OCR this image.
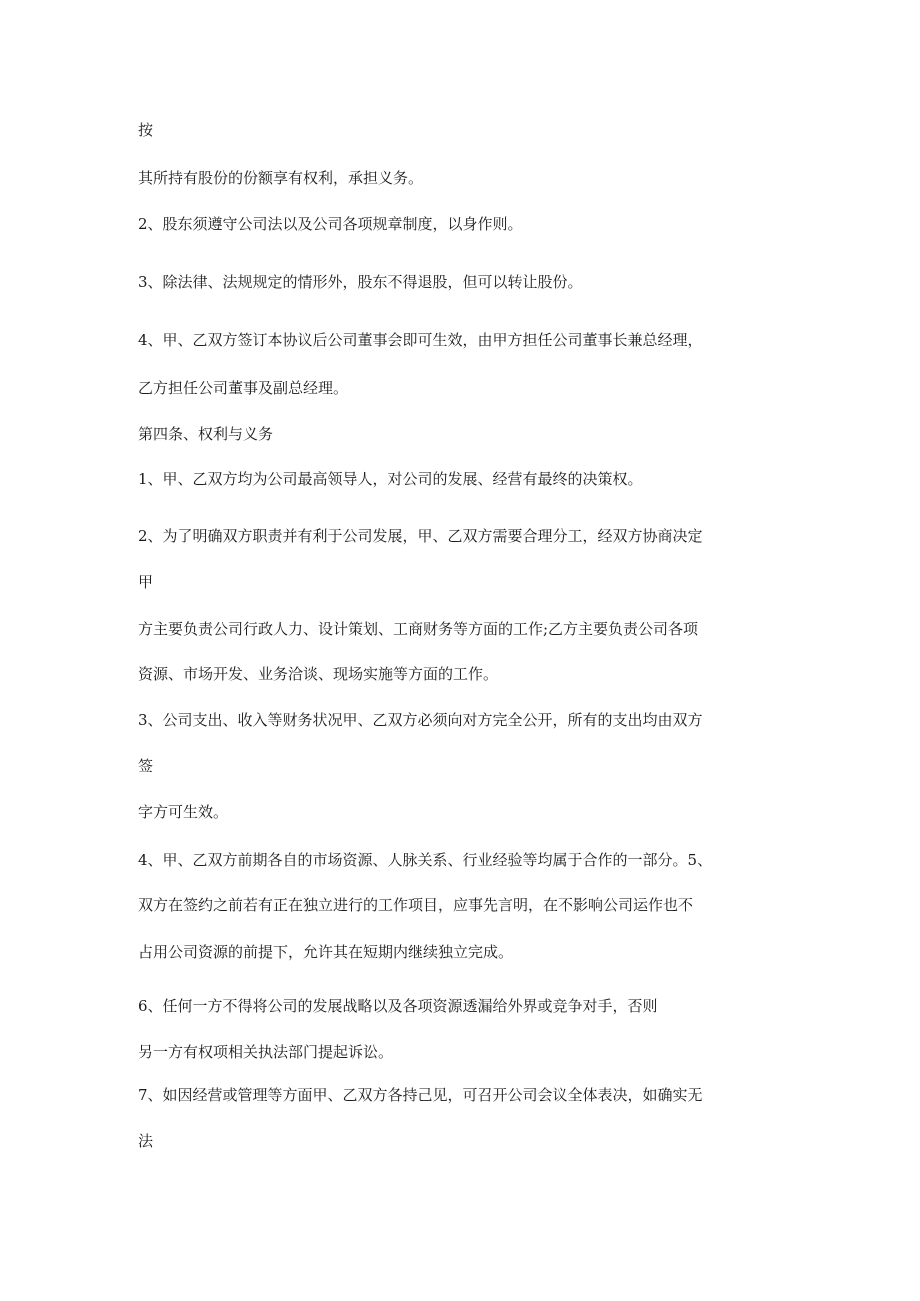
按

其所持有股份的份额享有权利，承担义务。

2、股东须遵守公司法以及公司各项规章制度，以身作则。

3、除法律、法规规定的情形外，股东不得退股，但可以转让股份。

4、甲、乙双方签订本协议后公司董事会即可生效，由甲方担任公司董事长兼总经理，

乙方担任公司董事及副总经理。

第四条、权利与义务

1、甲、乙双方均为公司最高领导人，对公司的发展、经营有最终的决策权。

2、为了明确双方职责并有利于公司发展，甲、乙双方需要合理分工，经双方协商决定

甲

方主要负责公司行政人力、设计策划、工商财务等方面的工作;乙方主要负责公司各项

资源、市场开发、业务洽谈、现场实施等方面的工作。

3、公司支出、收入等财务状况甲、乙双方必须向对方完全公开，所有的支出均由双方

签

字方可生效。

4、甲、乙双方前期各自的市场资源、人脉关系、行业经验等均属于合作的一部分。5、

双方在签约之前若有正在独立进行的工作项目，应事先言明，在不影响公司运作也不

占用公司资源的前提下，允许其在短期内继续独立完成。

6、任何一方不得将公司的发展战略以及各项资源透漏给外界或竞争对手，否则

另一方有权项相关执法部门提起诉讼。

7、如因经营或管理等方面甲、乙双方各持己见，可召开公司会议全体表决，如确实无

法
